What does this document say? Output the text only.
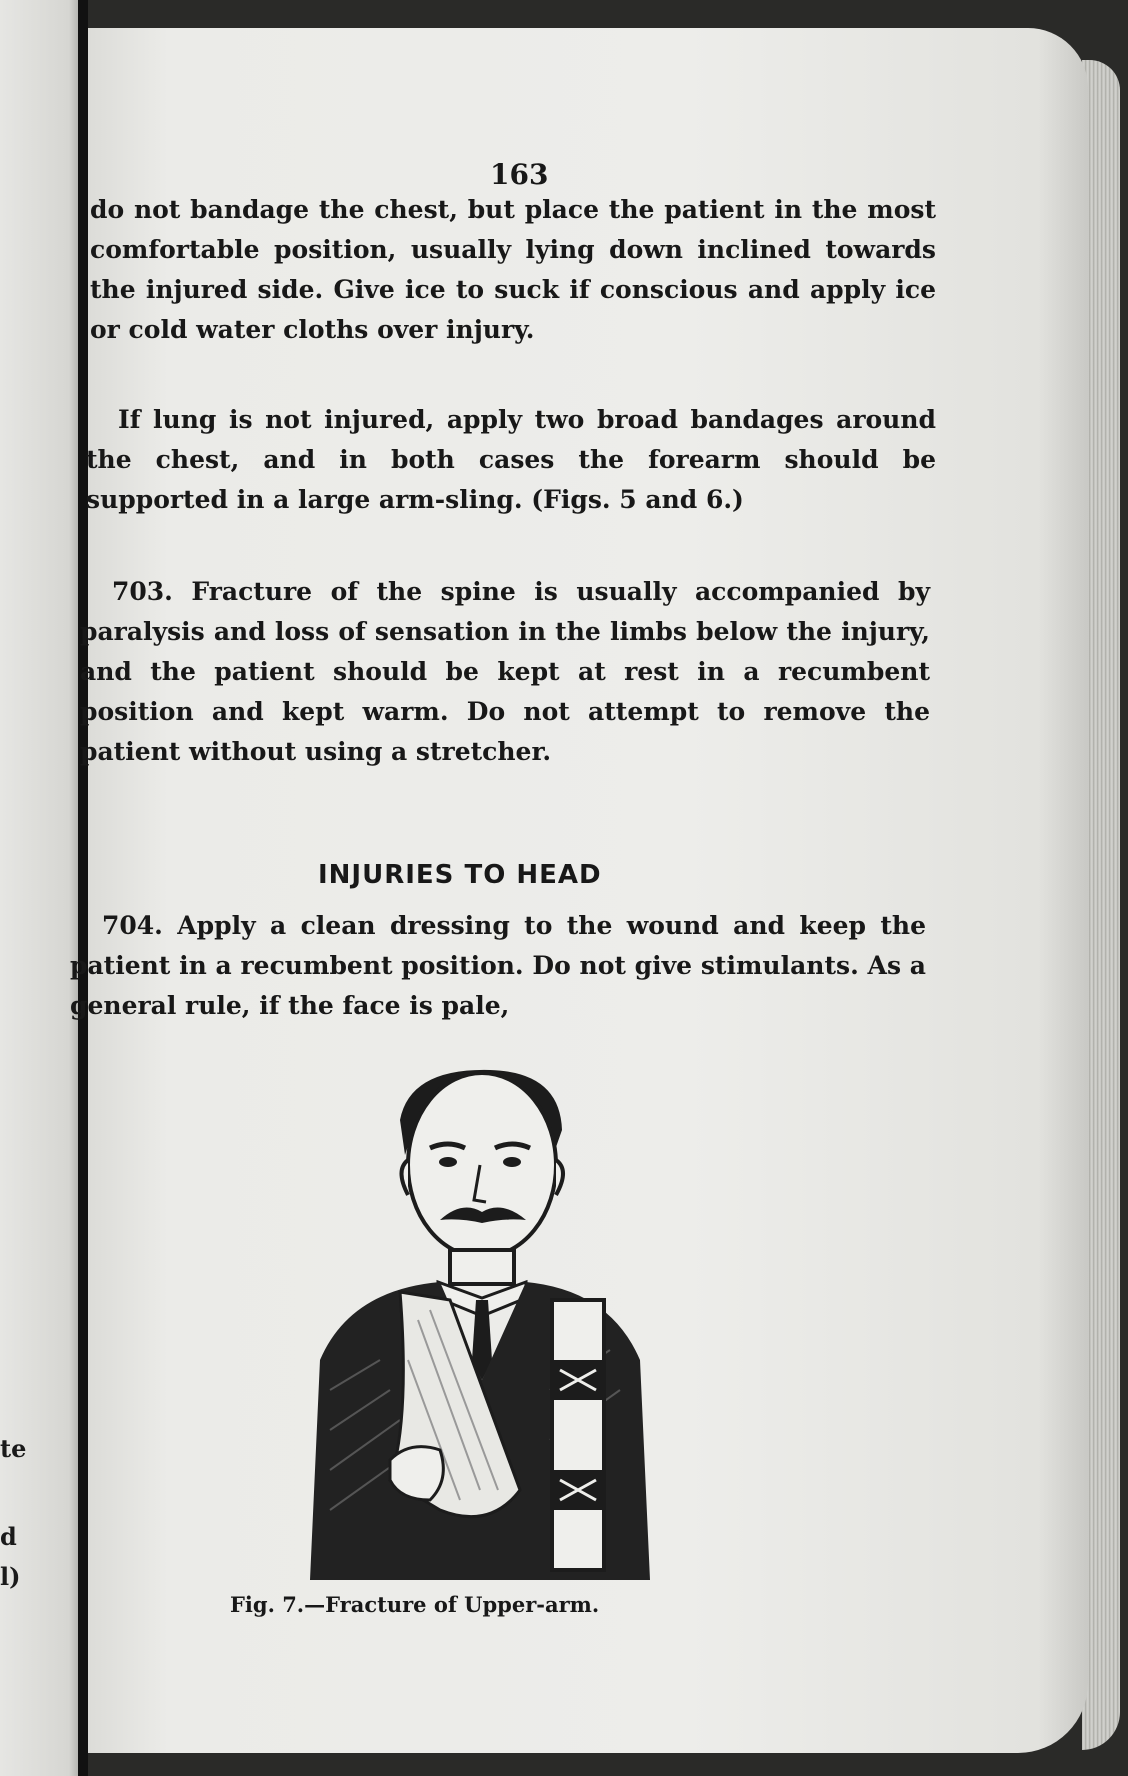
te
d
l)
163

do not bandage the chest, but place the patient in the most comfortable position, usually lying down inclined towards the injured side. Give ice to suck if conscious and apply ice or cold water cloths over injury.

If lung is not injured, apply two broad bandages around the chest, and in both cases the forearm should be supported in a large arm-sling. (Figs. 5 and 6.)

703. Fracture of the spine is usually accompanied by paralysis and loss of sensation in the limbs below the injury, and the patient should be kept at rest in a recumbent position and kept warm. Do not attempt to remove the patient without using a stretcher.

INJURIES TO HEAD

704. Apply a clean dressing to the wound and keep the patient in a recumbent position. Do not give stimulants. As a general rule, if the face is pale,

Fig. 7.—Fracture of Upper-arm.
